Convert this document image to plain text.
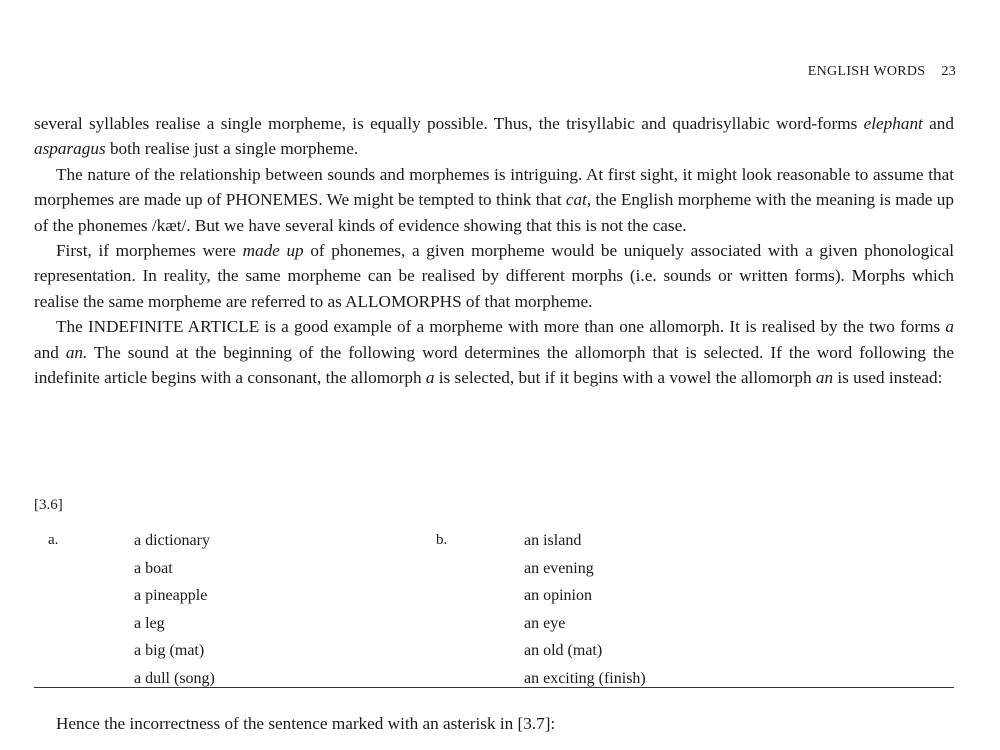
ENGLISH WORDS 23

several syllables realise a single morpheme, is equally possible. Thus, the trisyllabic and quadrisyllabic word-forms elephant and asparagus both realise just a single morpheme.

The nature of the relationship between sounds and morphemes is intriguing. At first sight, it might look reasonable to assume that morphemes are made up of PHONEMES. We might be tempted to think that cat, the English morpheme with the meaning is made up of the phonemes /kæt/. But we have several kinds of evidence showing that this is not the case.

First, if morphemes were made up of phonemes, a given morpheme would be uniquely associated with a given phonological representation. In reality, the same morpheme can be realised by different morphs (i.e. sounds or written forms). Morphs which realise the same morpheme are referred to as ALLOMORPHS of that morpheme.

The INDEFINITE ARTICLE is a good example of a morpheme with more than one allomorph. It is realised by the two forms a and an. The sound at the beginning of the following word determines the allomorph that is selected. If the word following the indefinite article begins with a consonant, the allomorph a is selected, but if it begins with a vowel the allomorph an is used instead:

[3.6]
a.	a dictionary
a boat
a pineapple
a leg
a big (mat)
a dull (song)
b.	an island
an evening
an opinion
an eye
an old (mat)
an exciting (finish)
Hence the incorrectness of the sentence marked with an asterisk in [3.7]:
